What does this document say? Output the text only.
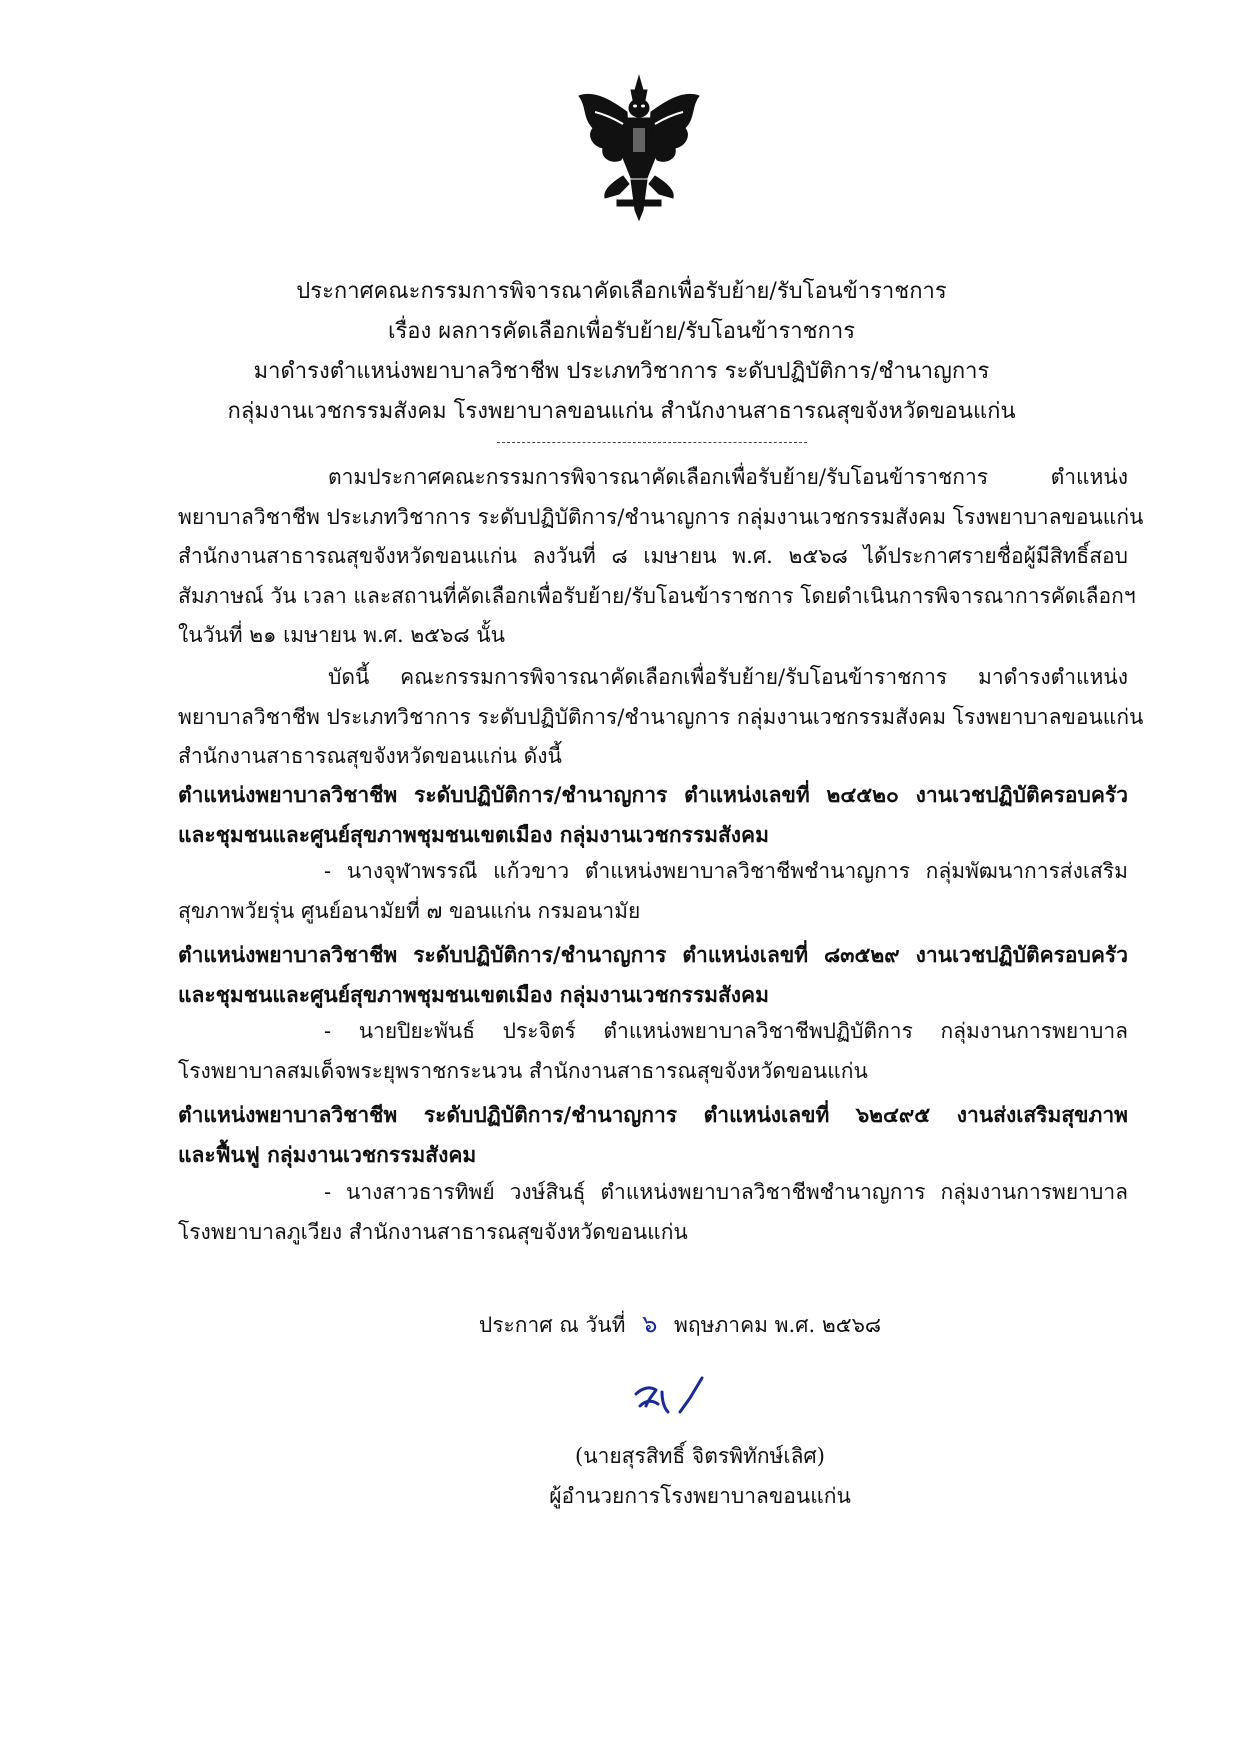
ประกาศคณะกรรมการพิจารณาคัดเลือกเพื่อรับย้าย/รับโอนข้าราชการ
เรื่อง ผลการคัดเลือกเพื่อรับย้าย/รับโอนข้าราชการ
มาดำรงตำแหน่งพยาบาลวิชาชีพ ประเภทวิชาการ ระดับปฏิบัติการ/ชำนาญการ
กลุ่มงานเวชกรรมสังคม โรงพยาบาลขอนแก่น สำนักงานสาธารณสุขจังหวัดขอนแก่น
ตามประกาศคณะกรรมการพิจารณาคัดเลือกเพื่อรับย้าย/รับโอนข้าราชการ ตำแหน่ง
พยาบาลวิชาชีพ ประเภทวิชาการ ระดับปฏิบัติการ/ชำนาญการ กลุ่มงานเวชกรรมสังคม โรงพยาบาลขอนแก่น
สำนักงานสาธารณสุขจังหวัดขอนแก่น ลงวันที่ ๘ เมษายน พ.ศ. ๒๕๖๘ ได้ประกาศรายชื่อผู้มีสิทธิ์สอบ
สัมภาษณ์ วัน เวลา และสถานที่คัดเลือกเพื่อรับย้าย/รับโอนข้าราชการ โดยดำเนินการพิจารณาการคัดเลือกฯ
ในวันที่ ๒๑ เมษายน พ.ศ. ๒๕๖๘ นั้น
บัดนี้ คณะกรรมการพิจารณาคัดเลือกเพื่อรับย้าย/รับโอนข้าราชการ มาดำรงตำแหน่ง
พยาบาลวิชาชีพ ประเภทวิชาการ ระดับปฏิบัติการ/ชำนาญการ กลุ่มงานเวชกรรมสังคม โรงพยาบาลขอนแก่น
สำนักงานสาธารณสุขจังหวัดขอนแก่น ดังนี้
ตำแหน่งพยาบาลวิชาชีพ ระดับปฏิบัติการ/ชำนาญการ ตำแหน่งเลขที่ ๒๔๕๒๐ งานเวชปฏิบัติครอบครัว
และชุมชนและศูนย์สุขภาพชุมชนเขตเมือง กลุ่มงานเวชกรรมสังคม
- นางจุฬาพรรณี แก้วขาว ตำแหน่งพยาบาลวิชาชีพชำนาญการ กลุ่มพัฒนาการส่งเสริม
สุขภาพวัยรุ่น ศูนย์อนามัยที่ ๗ ขอนแก่น กรมอนามัย
ตำแหน่งพยาบาลวิชาชีพ ระดับปฏิบัติการ/ชำนาญการ ตำแหน่งเลขที่ ๘๓๕๒๙ งานเวชปฏิบัติครอบครัว
และชุมชนและศูนย์สุขภาพชุมชนเขตเมือง กลุ่มงานเวชกรรมสังคม
- นายปิยะพันธ์ ประจิตร์ ตำแหน่งพยาบาลวิชาชีพปฏิบัติการ กลุ่มงานการพยาบาล
โรงพยาบาลสมเด็จพระยุพราชกระนวน สำนักงานสาธารณสุขจังหวัดขอนแก่น
ตำแหน่งพยาบาลวิชาชีพ ระดับปฏิบัติการ/ชำนาญการ ตำแหน่งเลขที่ ๖๒๔๙๕ งานส่งเสริมสุขภาพ
และฟื้นฟู กลุ่มงานเวชกรรมสังคม
- นางสาวธารทิพย์ วงษ์สินธุ์ ตำแหน่งพยาบาลวิชาชีพชำนาญการ กลุ่มงานการพยาบาล
โรงพยาบาลภูเวียง สำนักงานสาธารณสุขจังหวัดขอนแก่น
ประกาศ ณ วันที่ ๖ พฤษภาคม พ.ศ. ๒๕๖๘
(นายสุรสิทธิ์ จิตรพิทักษ์เลิศ)
ผู้อำนวยการโรงพยาบาลขอนแก่น
